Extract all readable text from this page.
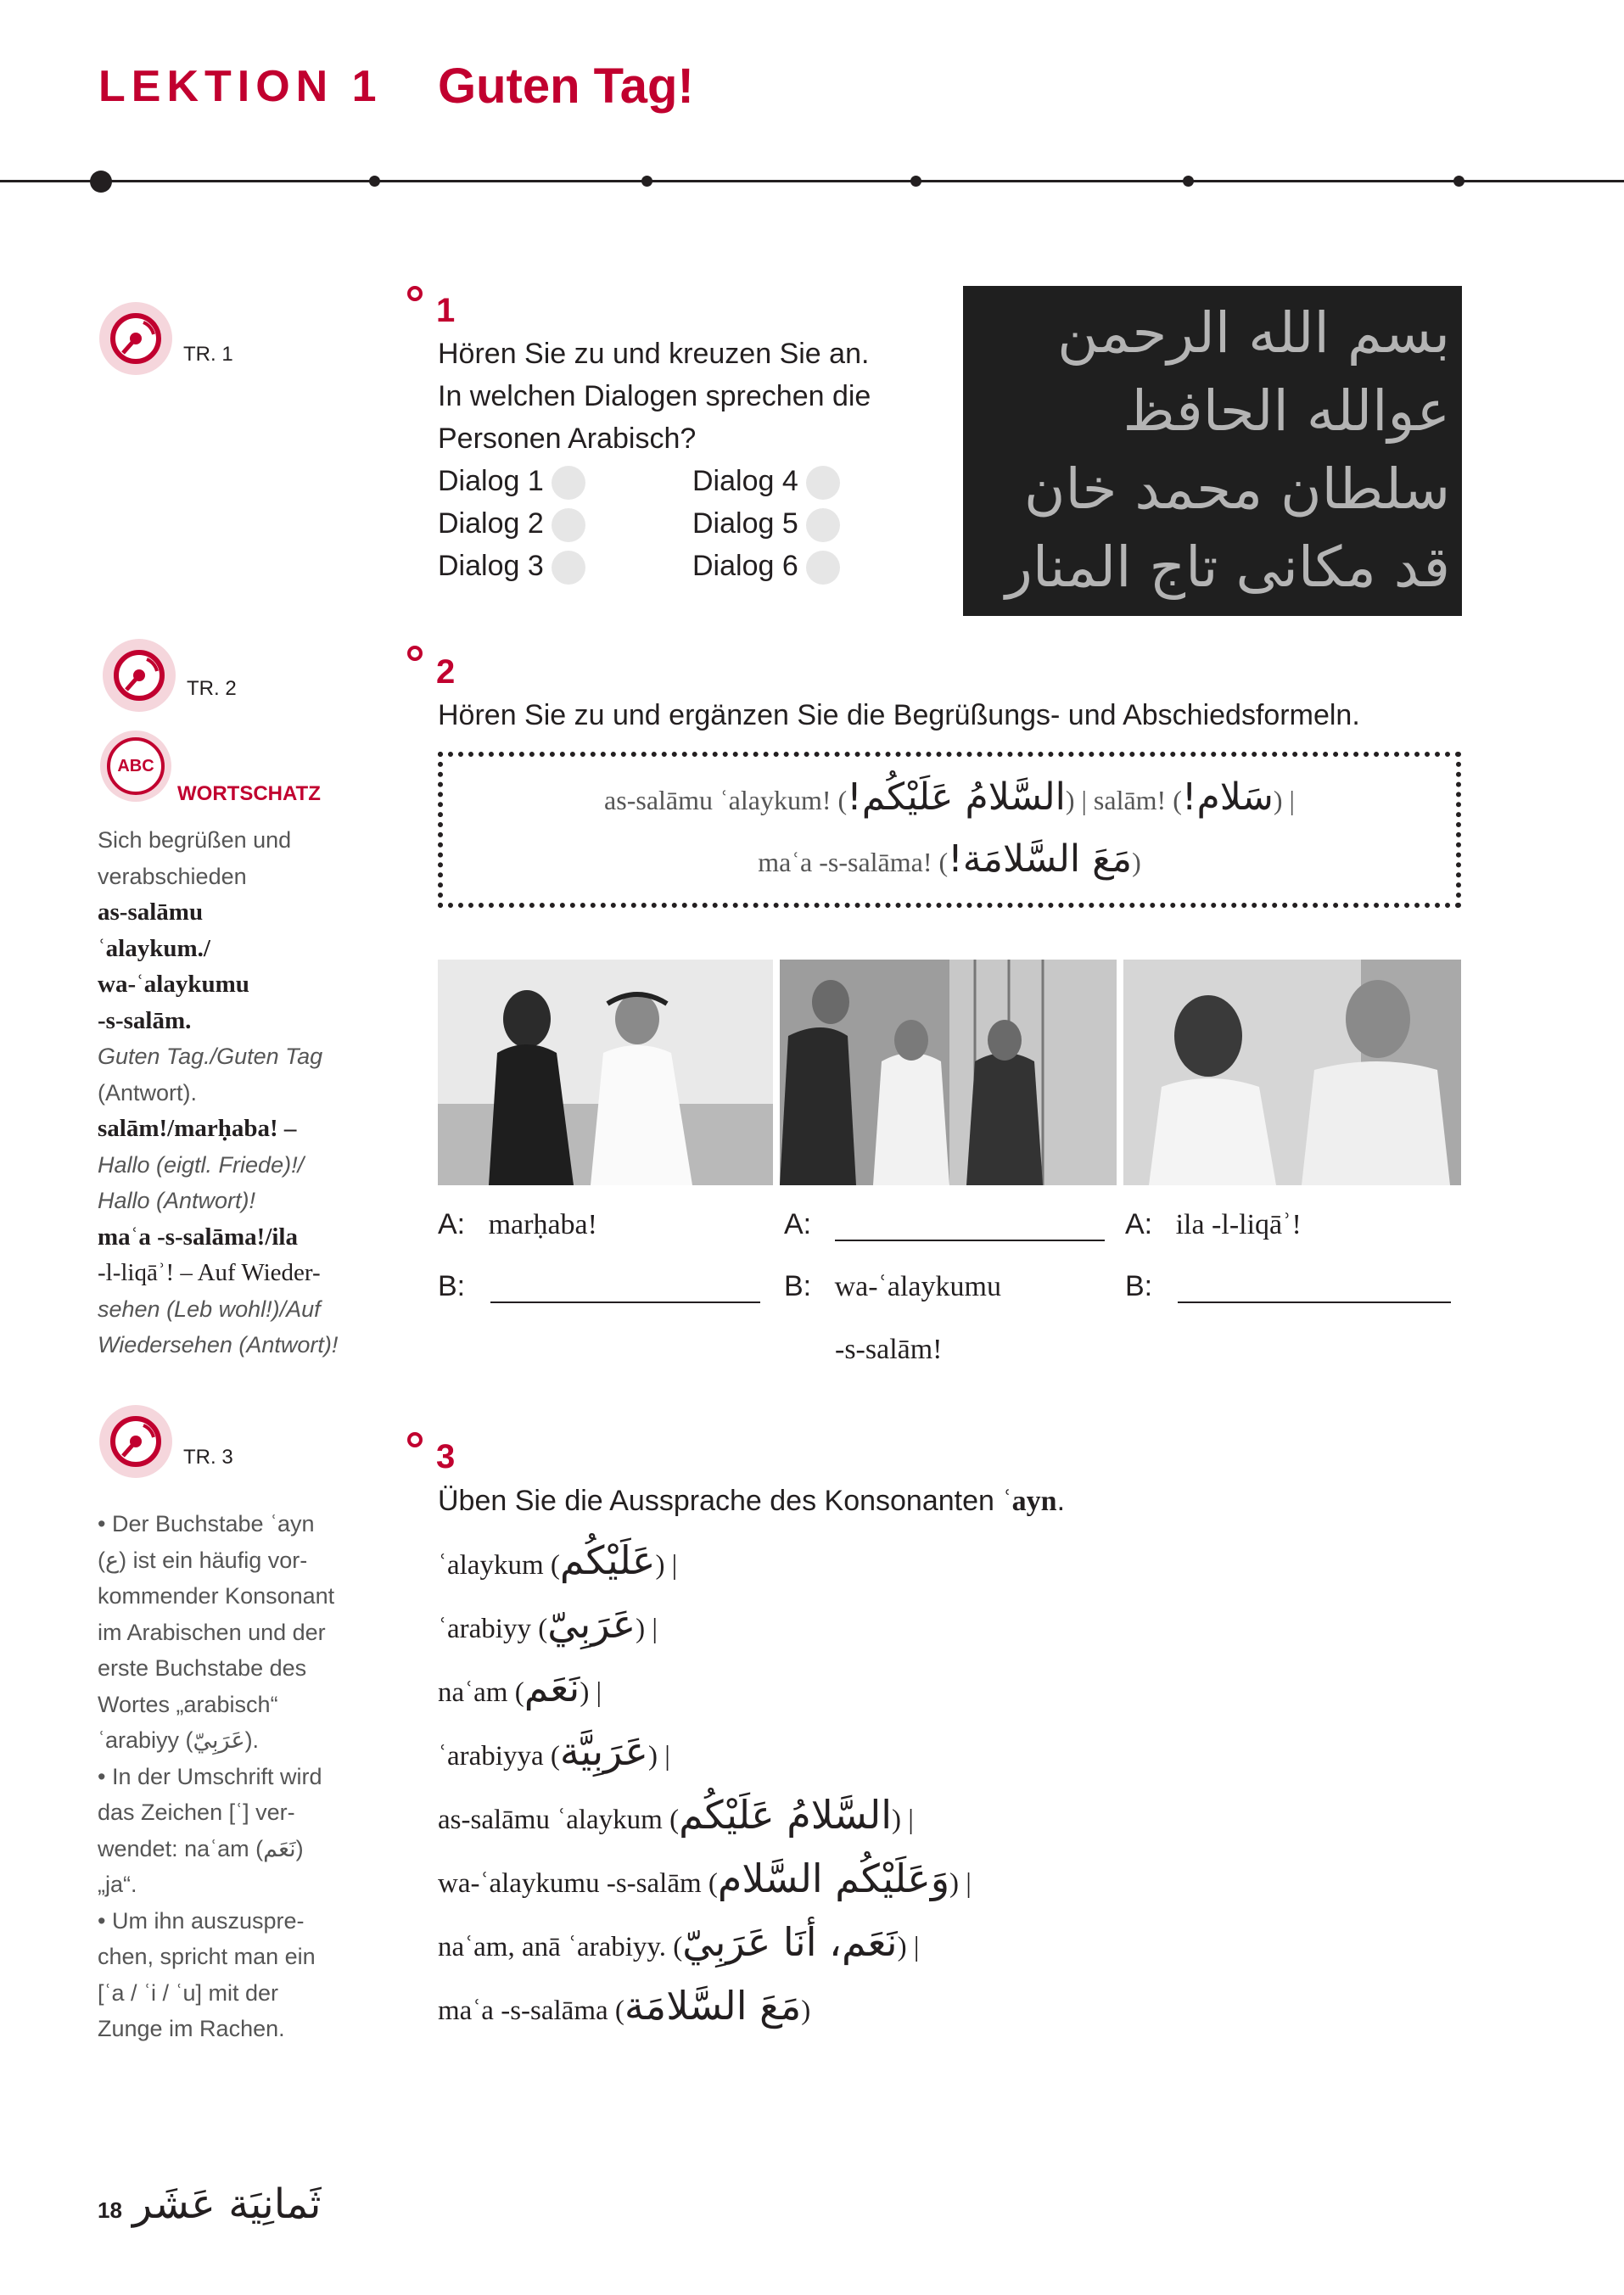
LEKTION 1 Guten Tag!
TR. 1
TR. 2
ABC
WORTSCHATZ
Sich begrüßen und
verabschieden
as-salāmu
ʿalaykum./
wa-ʿalaykumu
-s-salām.
Guten Tag./Guten Tag
(Antwort).
salām!/marḥaba! –
Hallo (eigtl. Friede)!/
Hallo (Antwort)!
maʿa -s-salāma!/ila
-l-liqāʾ! – Auf Wieder-
sehen (Leb wohl!)/Auf
Wiedersehen (Antwort)!
TR. 3
• Der Buchstabe ʿayn
(ع) ist ein häufig vor-
kommender Konsonant
im Arabischen und der
erste Buchstabe des
Wortes „arabisch“
ʿarabiyy (عَرَبِيّ).
• In der Umschrift wird
das Zeichen [ʿ] ver-
wendet: naʿam (نَعَم)
„ja“.
• Um ihn auszuspre-
chen, spricht man ein
[ʿa / ʿi / ʿu] mit der
Zunge im Rachen.
1
Hören Sie zu und kreuzen Sie an.
In welchen Dialogen sprechen die
Personen Arabisch?
Dialog 1
Dialog 2
Dialog 3
Dialog 4
Dialog 5
Dialog 6
بسم الله الرحمن
عوالله الحافظ
سلطان محمد خان
قد مكانى تاج المنار
2
Hören Sie zu und ergänzen Sie die Begrüßungs- und Abschiedsformeln.
as-salāmu ʿalaykum! (السَّلامُ عَلَيْكُم!) | salām! (سَلام!) |
maʿa -s-salāma! (مَعَ السَّلامَة!)
A: marḥaba!
B:
A:
B: wa-ʿalaykumu
-s-salām!
A: ila -l-liqāʾ!
B:
3
Üben Sie die Aussprache des Konsonanten ʿayn.
ʿalaykum (عَلَيْكُم) |
ʿarabiyy (عَرَبِيّ) |
naʿam (نَعَم) |
ʿarabiyya (عَرَبِيَّة) |
as-salāmu ʿalaykum (السَّلامُ عَلَيْكُم) |
wa-ʿalaykumu -s-salām (وَعَلَيْكُم السَّلام) |
naʿam, anā ʿarabiyy. (نَعَم، أنَا عَرَبِيّ) |
maʿa -s-salāma (مَعَ السَّلامَة)
18 ثَمانِيَة عَشَر
